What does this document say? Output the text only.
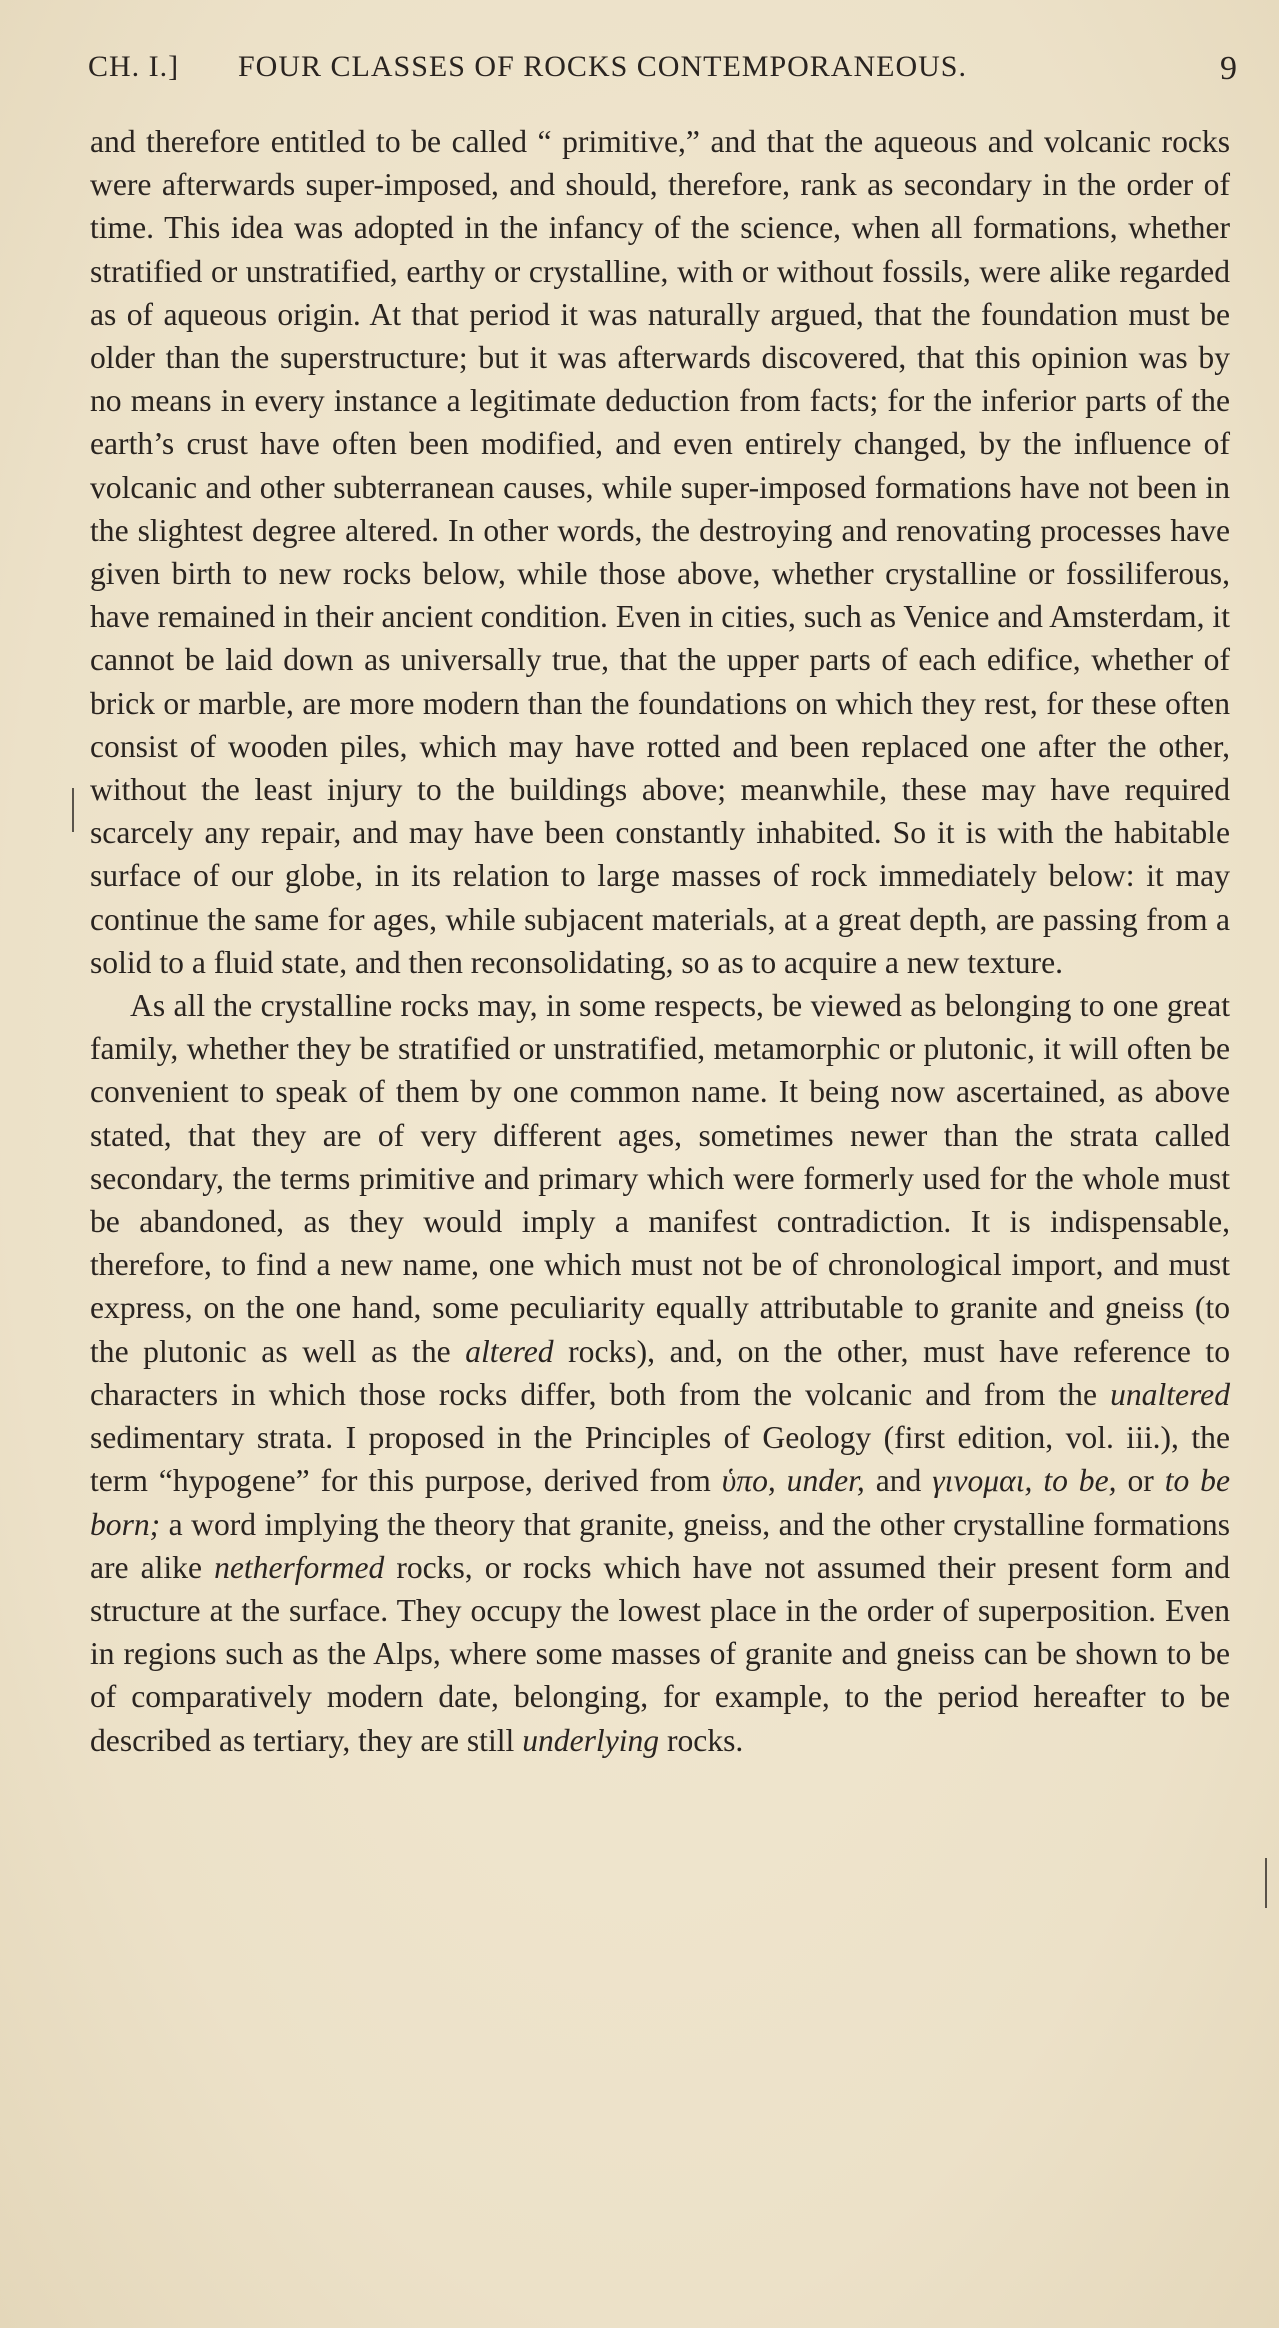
CH. I.] FOUR CLASSES OF ROCKS CONTEMPORANEOUS.	9

and therefore entitled to be called “ primitive,” and that the aqueous and volcanic rocks were afterwards super-imposed, and should, therefore, rank as secondary in the order of time. This idea was adopted in the infancy of the science, when all formations, whether stratified or unstratified, earthy or crystalline, with or without fossils, were alike regarded as of aqueous origin. At that period it was naturally argued, that the foundation must be older than the superstructure; but it was afterwards discovered, that this opinion was by no means in every instance a legitimate deduction from facts; for the inferior parts of the earth’s crust have often been modified, and even entirely changed, by the influence of volcanic and other subterranean causes, while super-imposed formations have not been in the slightest degree altered. In other words, the destroying and renovating processes have given birth to new rocks below, while those above, whether crystalline or fossiliferous, have remained in their ancient condition. Even in cities, such as Venice and Amsterdam, it cannot be laid down as universally true, that the upper parts of each edifice, whether of brick or marble, are more modern than the foundations on which they rest, for these often consist of wooden piles, which may have rotted and been replaced one after the other, without the least injury to the buildings above; meanwhile, these may have required scarcely any repair, and may have been constantly inhabited. So it is with the habitable surface of our globe, in its relation to large masses of rock immediately below: it may continue the same for ages, while subjacent materials, at a great depth, are passing from a solid to a fluid state, and then reconsolidating, so as to acquire a new texture.

As all the crystalline rocks may, in some respects, be viewed as belonging to one great family, whether they be stratified or unstratified, metamorphic or plutonic, it will often be convenient to speak of them by one common name. It being now ascertained, as above stated, that they are of very different ages, sometimes newer than the strata called secondary, the terms primitive and primary which were formerly used for the whole must be abandoned, as they would imply a manifest contradiction. It is indispensable, therefore, to find a new name, one which must not be of chronological import, and must express, on the one hand, some peculiarity equally attributable to granite and gneiss (to the plutonic as well as the altered rocks), and, on the other, must have reference to characters in which those rocks differ, both from the volcanic and from the unaltered sedimentary strata. I proposed in the Principles of Geology (first edition, vol. iii.), the term “hypogene” for this purpose, derived from ὑπο, under, and γινομαι, to be, or to be born; a word implying the theory that granite, gneiss, and the other crystalline formations are alike netherformed rocks, or rocks which have not assumed their present form and structure at the surface. They occupy the lowest place in the order of superposition. Even in regions such as the Alps, where some masses of granite and gneiss can be shown to be of comparatively modern date, belonging, for example, to the period hereafter to be described as tertiary, they are still underlying rocks.
